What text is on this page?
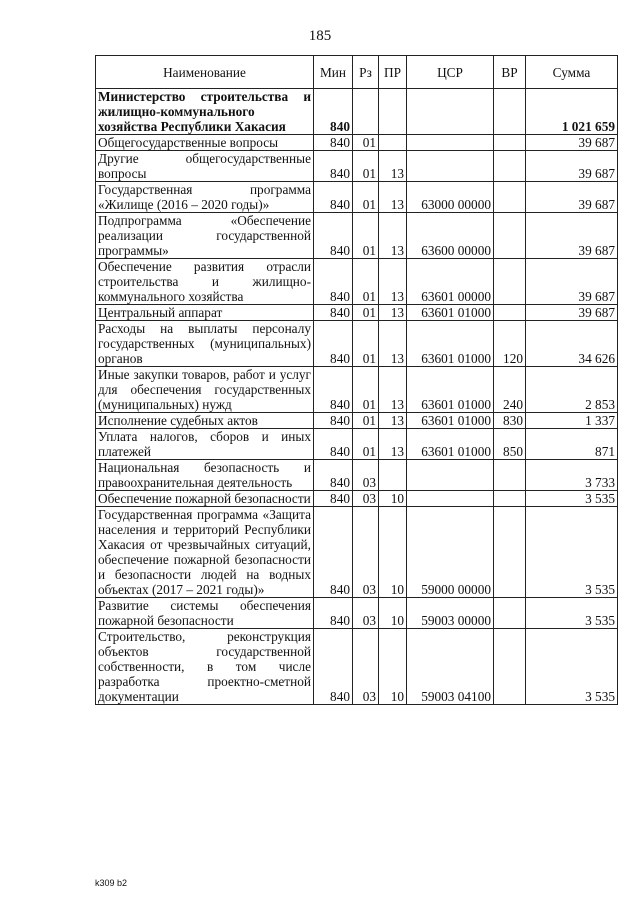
185
Наименование	Мин	Рз	ПР	ЦСР	ВР	Сумма
Министерство строительства и жилищно-коммунального хозяйства Республики Хакасия	840					1 021 659
Общегосударственные вопросы	840	01				39 687
Другие общегосударственные вопросы	840	01	13			39 687
Государственная программа «Жилище (2016 – 2020 годы)»	840	01	13	63000 00000		39 687
Подпрограмма «Обеспечение реализации государственной программы»	840	01	13	63600 00000		39 687
Обеспечение развития отрасли строительства и жилищно-коммунального хозяйства	840	01	13	63601 00000		39 687
Центральный аппарат	840	01	13	63601 01000		39 687
Расходы на выплаты персоналу государственных (муниципальных) органов	840	01	13	63601 01000	120	34 626
Иные закупки товаров, работ и услуг для обеспечения государственных (муниципальных) нужд	840	01	13	63601 01000	240	2 853
Исполнение судебных актов	840	01	13	63601 01000	830	1 337
Уплата налогов, сборов и иных платежей	840	01	13	63601 01000	850	871
Национальная безопасность и правоохранительная деятельность	840	03				3 733
Обеспечение пожарной безопасности	840	03	10			3 535
Государственная программа «Защита населения и территорий Республики Хакасия от чрезвычайных ситуаций, обеспечение пожарной безопасности и безопасности людей на водных объектах (2017 – 2021 годы)»	840	03	10	59000 00000		3 535
Развитие системы обеспечения пожарной безопасности	840	03	10	59003 00000		3 535
Строительство, реконструкция объектов государственной собственности, в том числе разработка проектно-сметной документации	840	03	10	59003 04100		3 535
k309 b2
